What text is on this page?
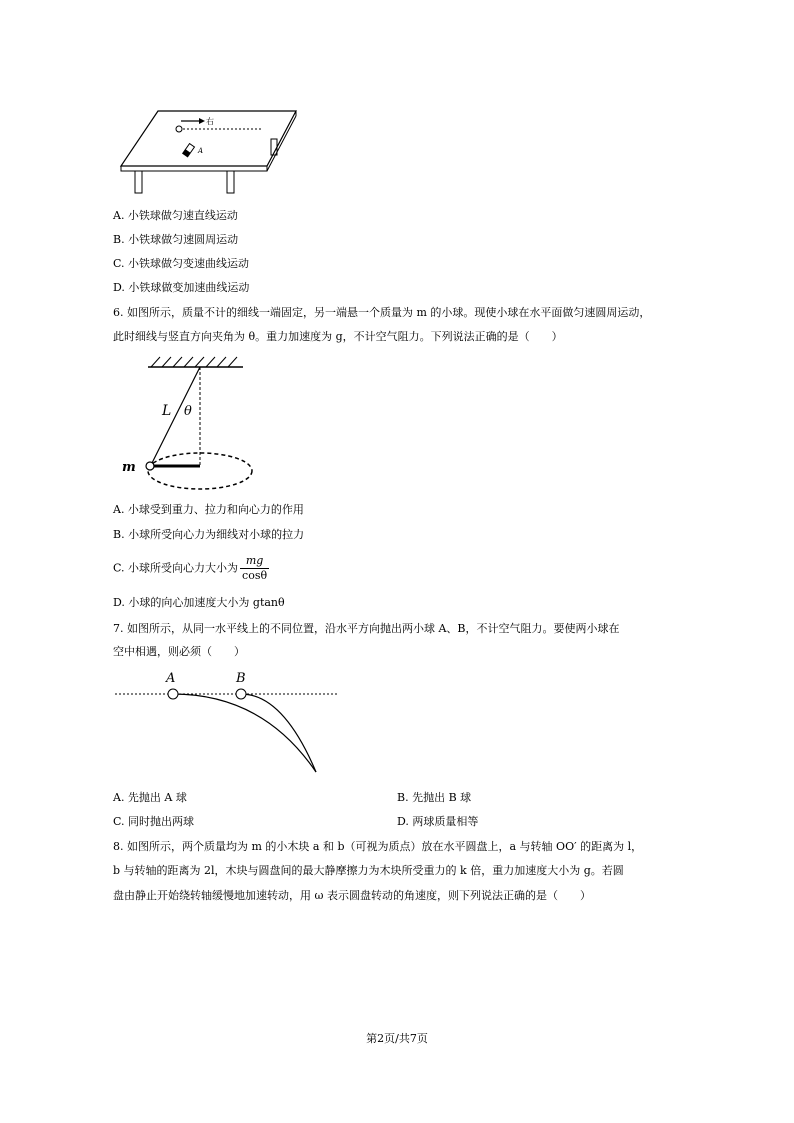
右
A
A. 小铁球做匀速直线运动
B. 小铁球做匀速圆周运动
C. 小铁球做匀变速曲线运动
D. 小铁球做变加速曲线运动
6. 如图所示，质量不计的细线一端固定，另一端悬一个质量为 m 的小球。现使小球在水平面做匀速圆周运动，
此时细线与竖直方向夹角为 θ。重力加速度为 g，不计空气阻力。下列说法正确的是（　　）
L θ
m
A. 小球受到重力、拉力和向心力的作用
B. 小球所受向心力为细线对小球的拉力
C. 小球所受向心力大小为 $\frac{mg}{\cos\theta}$
D. 小球的向心加速度大小为 gtanθ
7. 如图所示，从同一水平线上的不同位置，沿水平方向抛出两小球 A、B，不计空气阻力。要使两小球在
空中相遇，则必须（　　）
A	B
A. 先抛出 A 球	B. 先抛出 B 球
C. 同时抛出两球	D. 两球质量相等
8. 如图所示，两个质量均为 m 的小木块 a 和 b（可视为质点）放在水平圆盘上，a 与转轴 OO′ 的距离为 l，
b 与转轴的距离为 2l，木块与圆盘间的最大静摩擦力为木块所受重力的 k 倍，重力加速度大小为 g。若圆
盘由静止开始绕转轴缓慢地加速转动，用 ω 表示圆盘转动的角速度，则下列说法正确的是（　　）
第2页/共7页
